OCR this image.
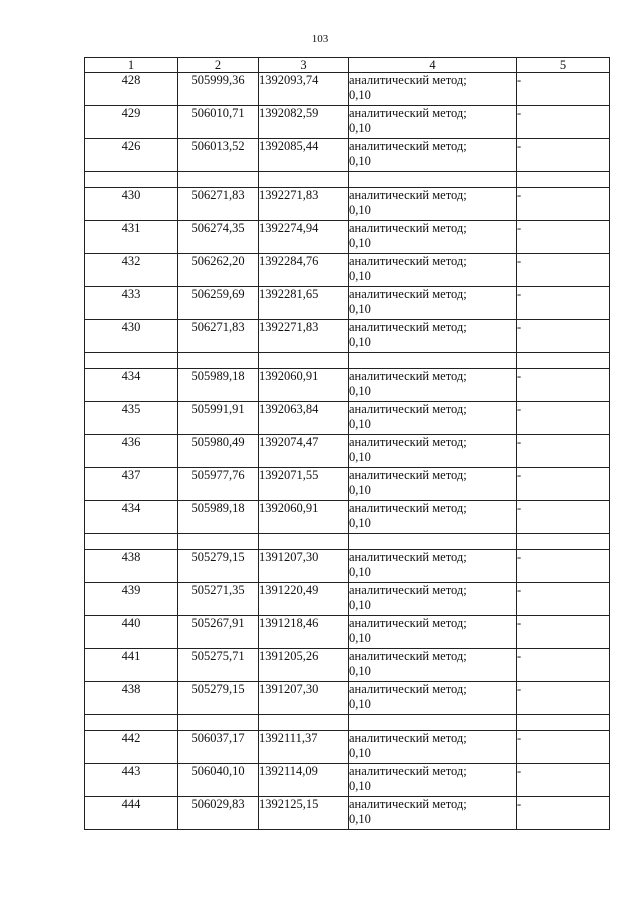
103
1	2	3	4	5
428	505999,36	1392093,74	аналитический метод;
0,10	-
429	506010,71	1392082,59	аналитический метод;
0,10	-
426	506013,52	1392085,44	аналитический метод;
0,10	-

430	506271,83	1392271,83	аналитический метод;
0,10	-
431	506274,35	1392274,94	аналитический метод;
0,10	-
432	506262,20	1392284,76	аналитический метод;
0,10	-
433	506259,69	1392281,65	аналитический метод;
0,10	-
430	506271,83	1392271,83	аналитический метод;
0,10	-

434	505989,18	1392060,91	аналитический метод;
0,10	-
435	505991,91	1392063,84	аналитический метод;
0,10	-
436	505980,49	1392074,47	аналитический метод;
0,10	-
437	505977,76	1392071,55	аналитический метод;
0,10	-
434	505989,18	1392060,91	аналитический метод;
0,10	-

438	505279,15	1391207,30	аналитический метод;
0,10	-
439	505271,35	1391220,49	аналитический метод;
0,10	-
440	505267,91	1391218,46	аналитический метод;
0,10	-
441	505275,71	1391205,26	аналитический метод;
0,10	-
438	505279,15	1391207,30	аналитический метод;
0,10	-

442	506037,17	1392111,37	аналитический метод;
0,10	-
443	506040,10	1392114,09	аналитический метод;
0,10	-
444	506029,83	1392125,15	аналитический метод;
0,10	-
